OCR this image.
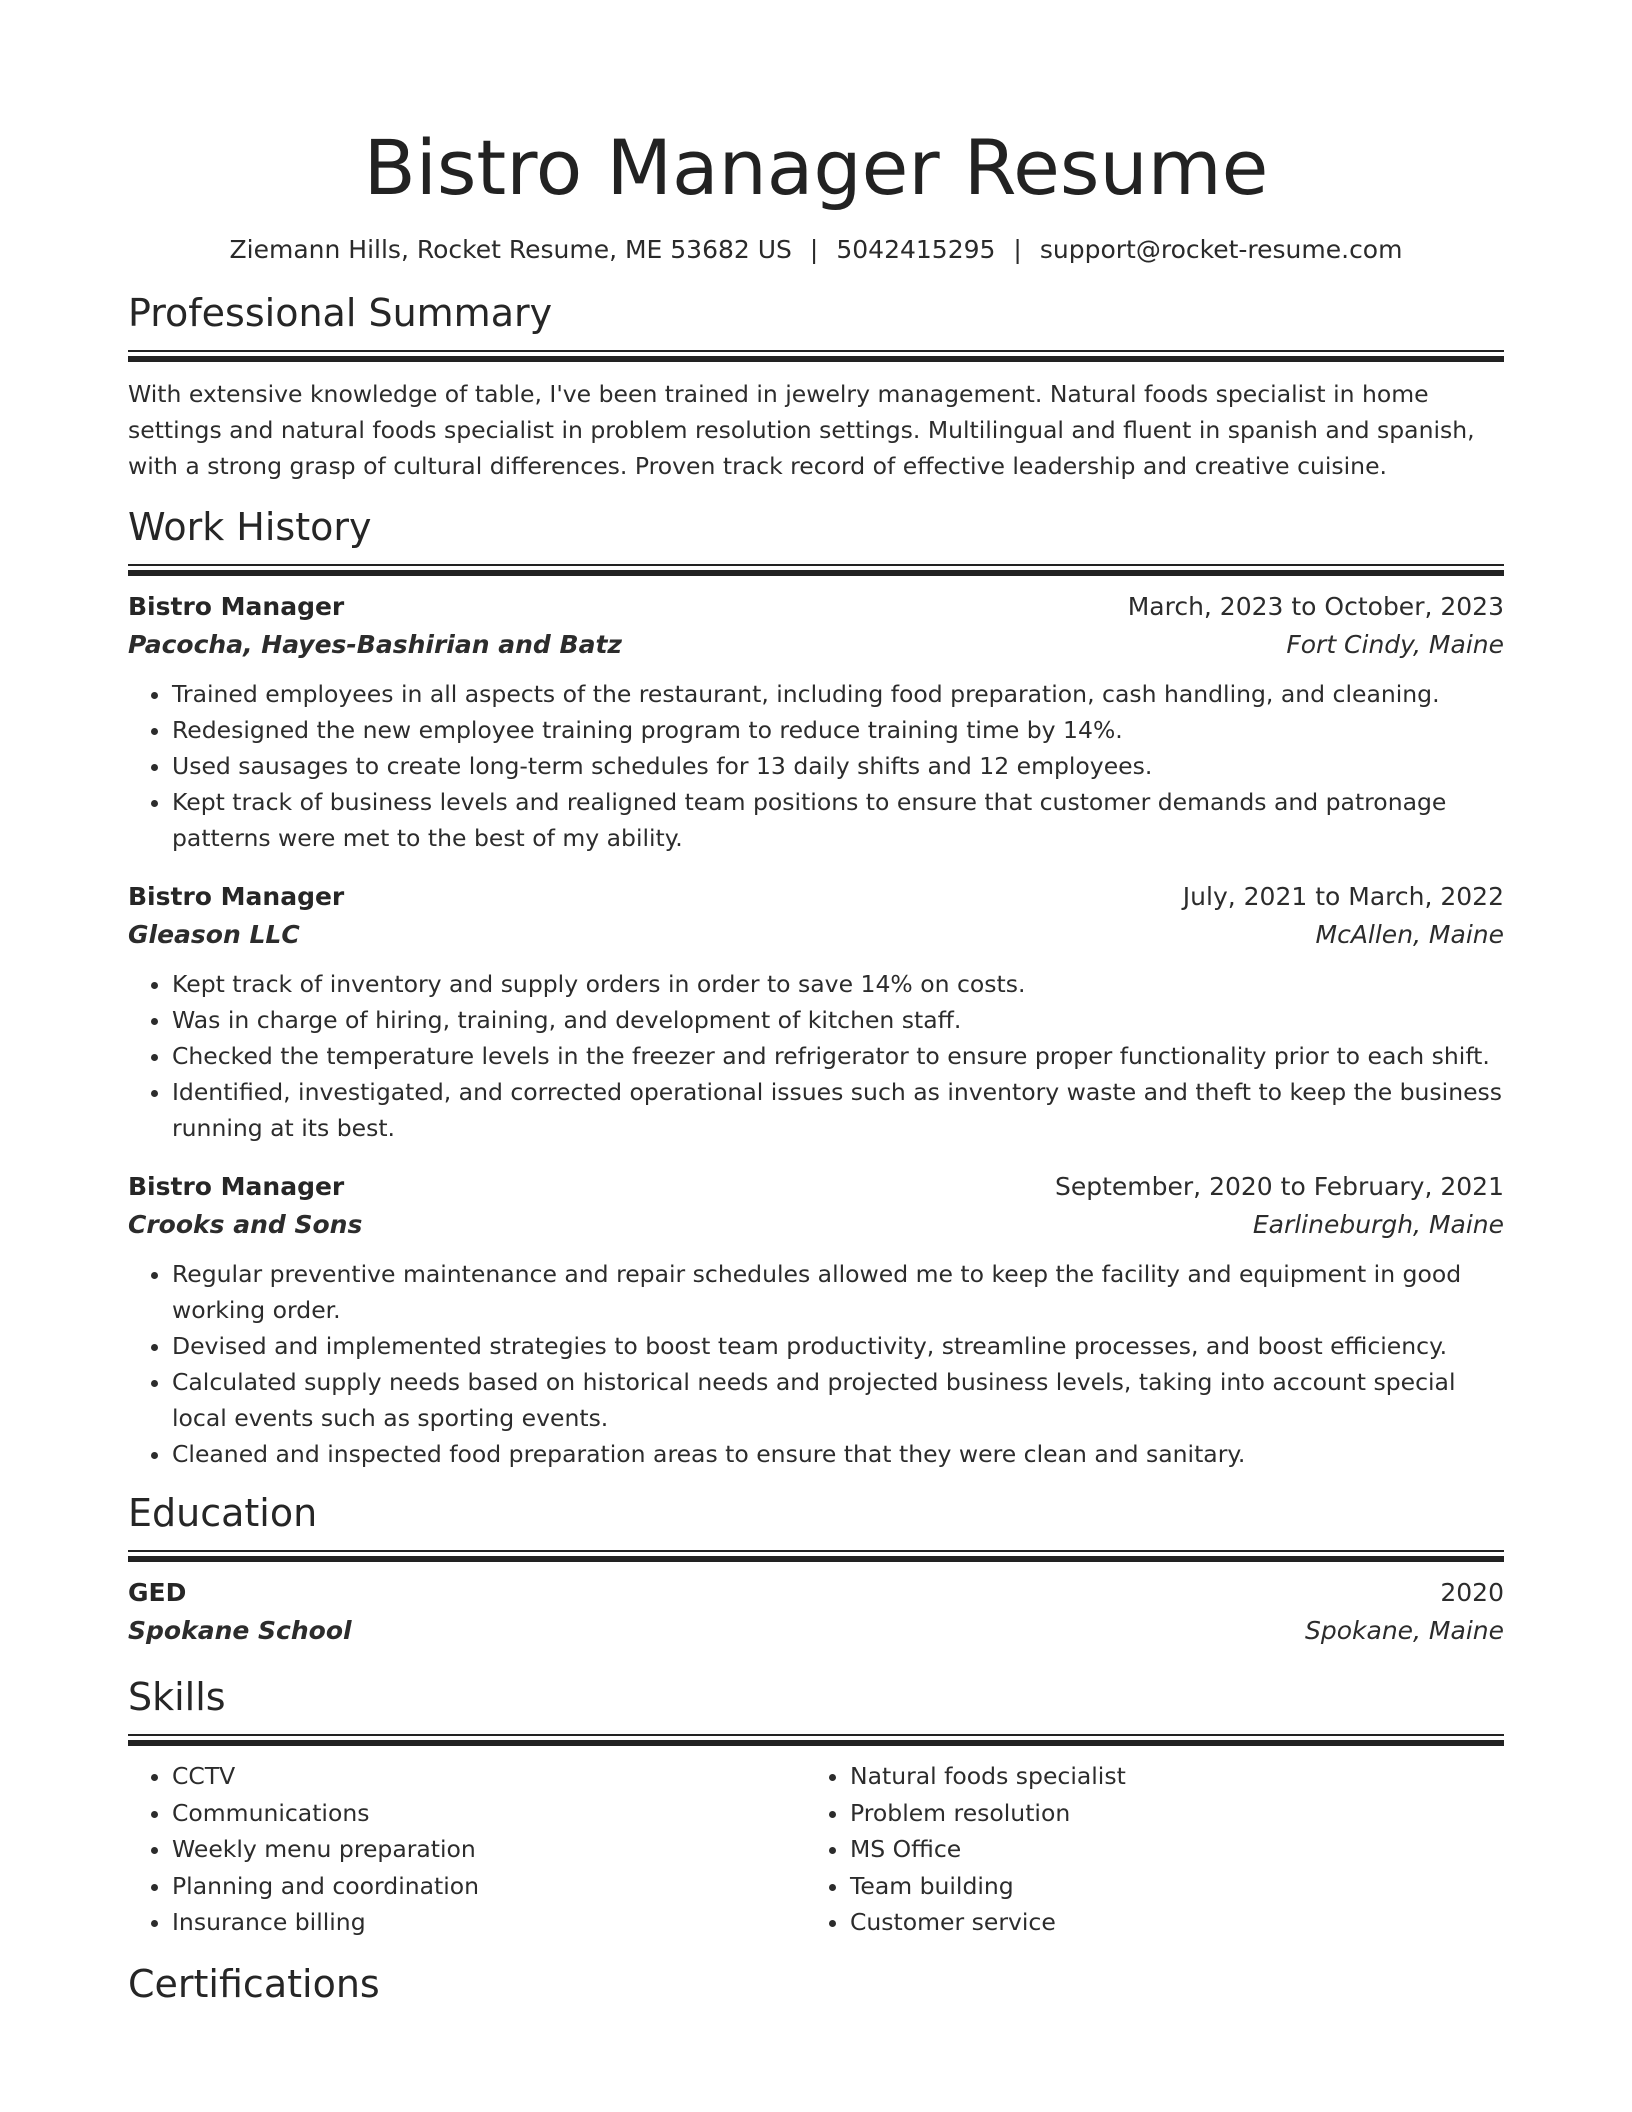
Bistro Manager Resume
Ziemann Hills, Rocket Resume, ME 53682 US | 5042415295 | support@rocket-resume.com
Professional Summary
With extensive knowledge of table, I've been trained in jewelry management. Natural foods specialist in home settings and natural foods specialist in problem resolution settings. Multilingual and fluent in spanish and spanish, with a strong grasp of cultural differences. Proven track record of effective leadership and creative cuisine.
Work History
Bistro Manager	March, 2023 to October, 2023
Pacocha, Hayes-Bashirian and Batz	Fort Cindy, Maine
• Trained employees in all aspects of the restaurant, including food preparation, cash handling, and cleaning.
• Redesigned the new employee training program to reduce training time by 14%.
• Used sausages to create long-term schedules for 13 daily shifts and 12 employees.
• Kept track of business levels and realigned team positions to ensure that customer demands and patronage patterns were met to the best of my ability.
Bistro Manager	July, 2021 to March, 2022
Gleason LLC	McAllen, Maine
• Kept track of inventory and supply orders in order to save 14% on costs.
• Was in charge of hiring, training, and development of kitchen staff.
• Checked the temperature levels in the freezer and refrigerator to ensure proper functionality prior to each shift.
• Identified, investigated, and corrected operational issues such as inventory waste and theft to keep the business running at its best.
Bistro Manager	September, 2020 to February, 2021
Crooks and Sons	Earlineburgh, Maine
• Regular preventive maintenance and repair schedules allowed me to keep the facility and equipment in good working order.
• Devised and implemented strategies to boost team productivity, streamline processes, and boost efficiency.
• Calculated supply needs based on historical needs and projected business levels, taking into account special local events such as sporting events.
• Cleaned and inspected food preparation areas to ensure that they were clean and sanitary.
Education
GED	2020
Spokane School	Spokane, Maine
Skills
• CCTV
• Communications
• Weekly menu preparation
• Planning and coordination
• Insurance billing
• Natural foods specialist
• Problem resolution
• MS Office
• Team building
• Customer service
Certifications
